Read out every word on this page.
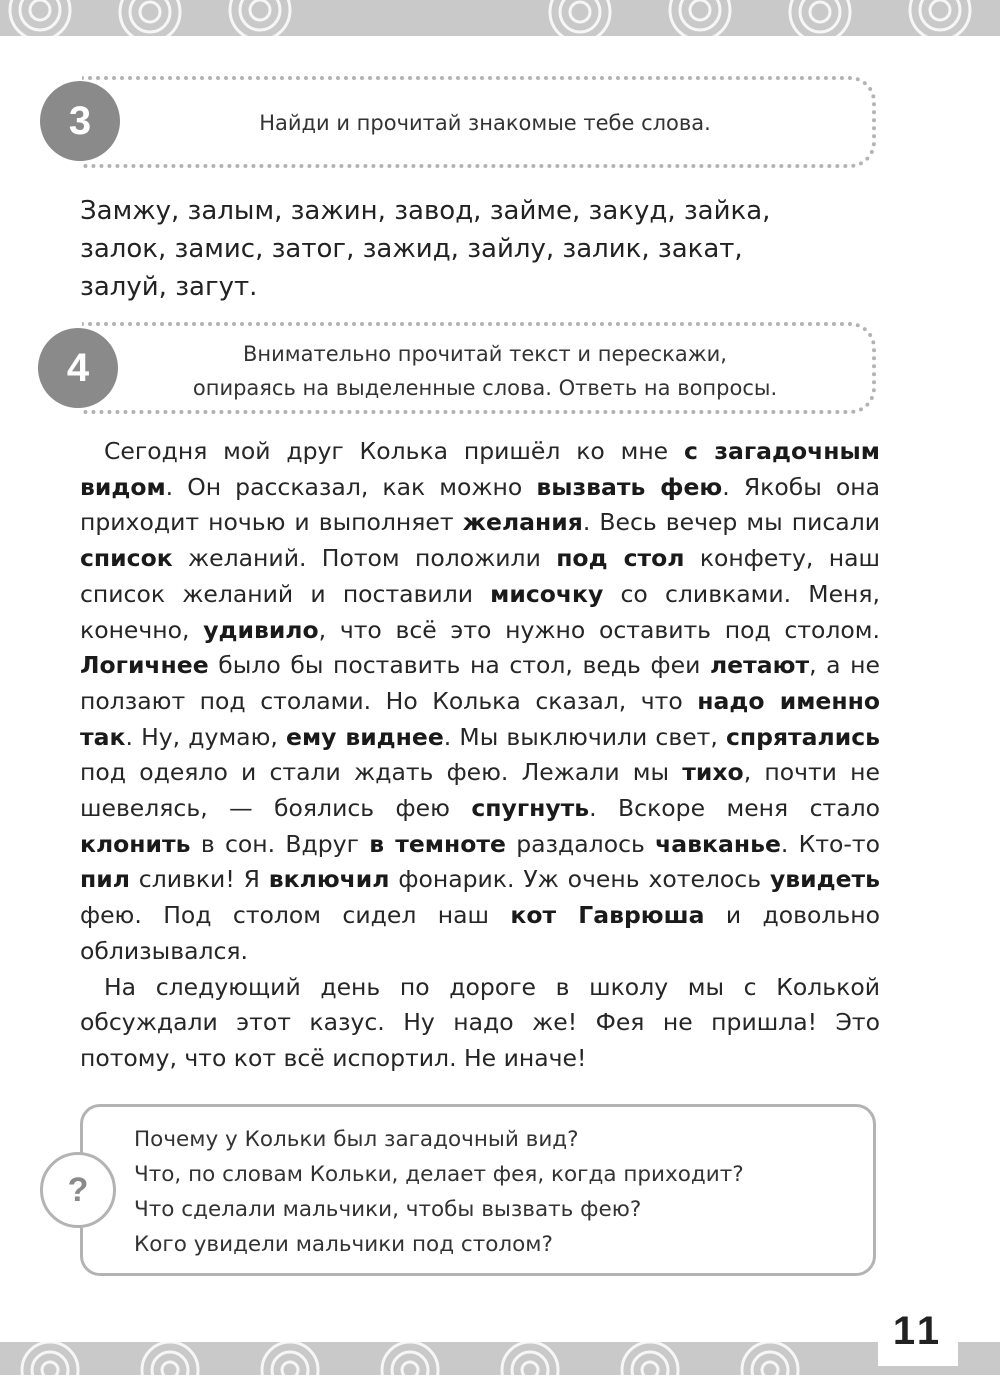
3	Найди и прочитай знакомые тебе слова.
Замжу, залым, зажин, завод, займе, закуд, зайка,
залок, замис, затог, зажид, зайлу, залик, закат,
залуй, загут.
4	Внимательно прочитай текст и перескажи,
опираясь на выделенные слова. Ответь на вопросы.

Сегодня мой друг Колька пришёл ко мне с загадочным видом. Он рассказал, как можно вызвать фею. Якобы она приходит ночью и выполняет желания. Весь вечер мы писали список желаний. Потом положили под стол конфету, наш список желаний и поставили мисочку со сливками. Меня, конечно, удивило, что всё это нужно оставить под столом. Логичнее было бы поставить на стол, ведь феи летают, а не ползают под столами. Но Колька сказал, что надо именно так. Ну, думаю, ему виднее. Мы выключили свет, спрятались под одеяло и стали ждать фею. Лежали мы тихо, почти не шевелясь, — боялись фею спугнуть. Вскоре меня стало клонить в сон. Вдруг в темноте раздалось чавканье. Кто-то пил сливки! Я включил фонарик. Уж очень хотелось увидеть фею. Под столом сидел наш кот Гаврюша и довольно облизывался.

На следующий день по дороге в школу мы с Колькой обсуждали этот казус. Ну надо же! Фея не пришла! Это потому, что кот всё испортил. Не иначе!

?
Почему у Кольки был загадочный вид?
Что, по словам Кольки, делает фея, когда приходит?
Что сделали мальчики, чтобы вызвать фею?
Кого увидели мальчики под столом?
11
